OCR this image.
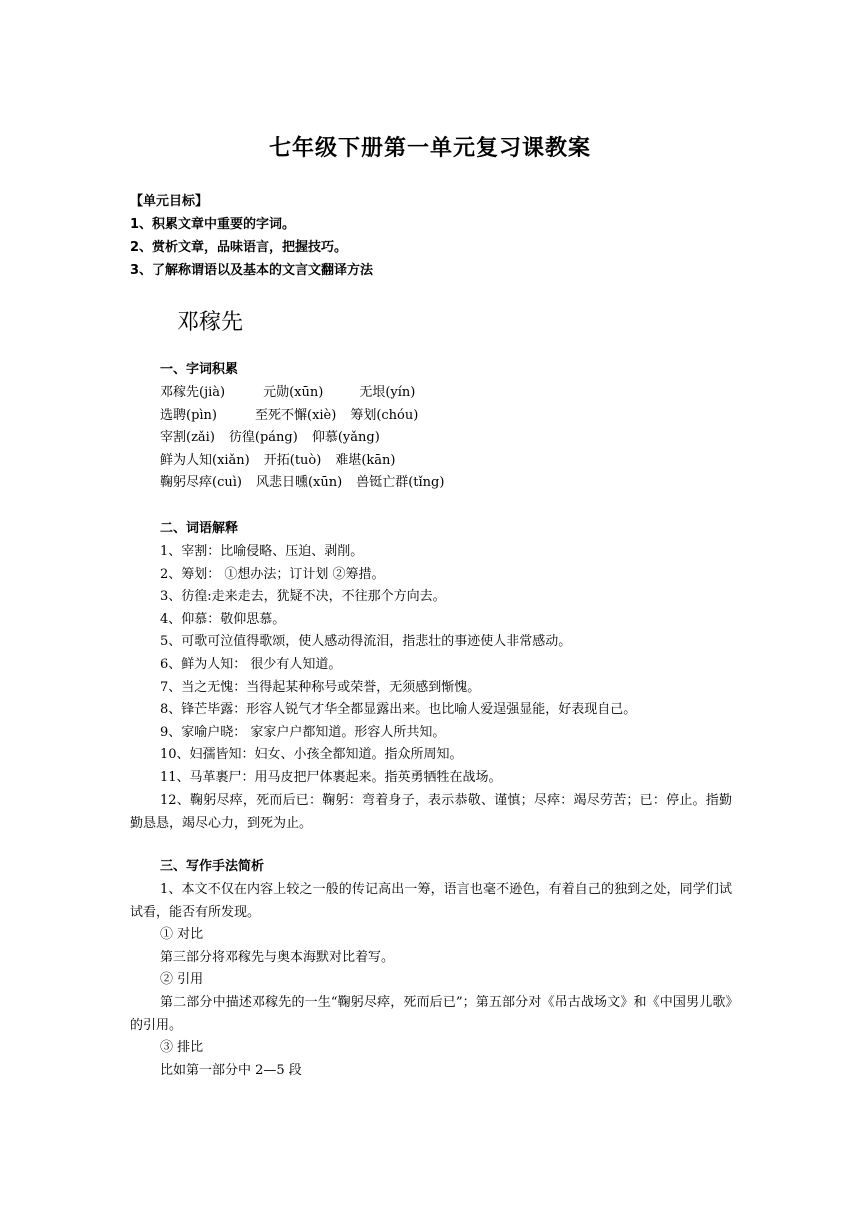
七年级下册第一单元复习课教案
【单元目标】
1、积累文章中重要的字词。
2、赏析文章，品味语言，把握技巧。
3、了解称谓语以及基本的文言文翻译方法
邓稼先
一、字词积累
邓稼先(jià)	元勋(xūn)	无垠(yín)
选聘(pìn)	至死不懈(xiè) 筹划(chóu)
宰割(zǎi) 彷徨(páng) 仰慕(yǎng)
鲜为人知(xiǎn) 开拓(tuò) 难堪(kān)
鞠躬尽瘁(cuì) 风悲日曛(xūn) 兽铤亡群(tǐng)
二、词语解释
1、宰割：比喻侵略、压迫、剥削。
2、筹划： ①想办法；订计划 ②筹措。
3、彷徨:走来走去，犹疑不决，不往那个方向去。
4、仰慕：敬仰思慕。
5、可歌可泣值得歌颂，使人感动得流泪，指悲壮的事迹使人非常感动。
6、鲜为人知： 很少有人知道。
7、当之无愧：当得起某种称号或荣誉，无须感到惭愧。
8、锋芒毕露：形容人锐气才华全都显露出来。也比喻人爱逞强显能，好表现自己。
9、家喻户晓： 家家户户都知道。形容人所共知。
10、妇孺皆知：妇女、小孩全都知道。指众所周知。
11、马革裹尸：用马皮把尸体裹起来。指英勇牺牲在战场。
12、鞠躬尽瘁，死而后已：鞠躬：弯着身子，表示恭敬、谨慎；尽瘁：竭尽劳苦；已：停止。指勤勤恳恳，竭尽心力，到死为止。
三、写作手法简析
1、本文不仅在内容上较之一般的传记高出一筹，语言也毫不逊色，有着自己的独到之处，同学们试试看，能否有所发现。
① 对比
第三部分将邓稼先与奥本海默对比着写。
② 引用
第二部分中描述邓稼先的一生“鞠躬尽瘁，死而后已”；第五部分对《吊古战场文》和《中国男儿歌》的引用。
③ 排比
比如第一部分中 2—5 段
